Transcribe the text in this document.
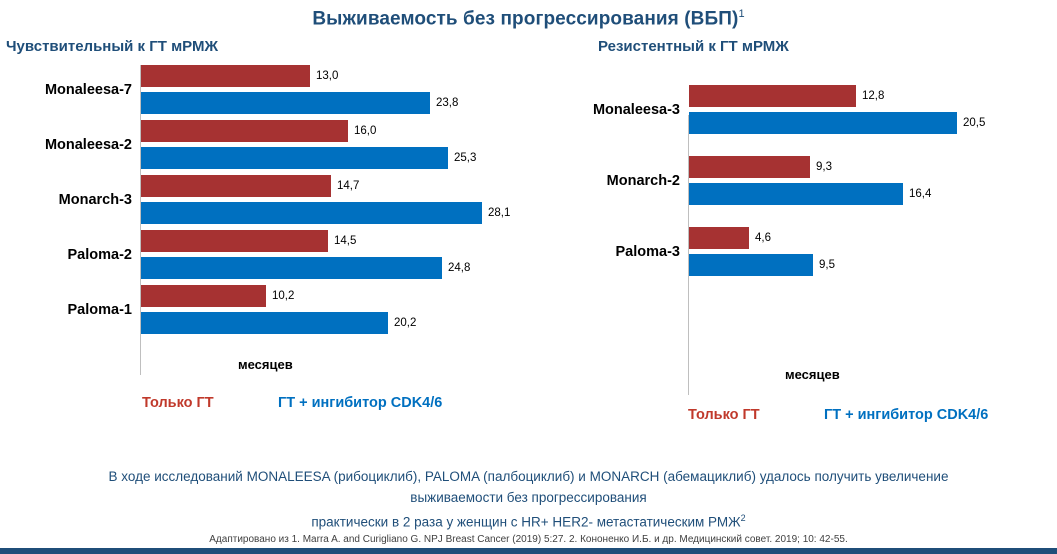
Выживаемость без прогрессирования (ВБП)$^1$
Чувствительный к ГТ мРМЖ
Monaleesa-7
13,0
23,8
Monaleesa-2
16,0
25,3
Monarch-3
14,7
28,1
Paloma-2
14,5
24,8
Paloma-1
10,2
20,2
месяцев
Только ГТ	ГТ + ингибитор CDK4/6
Резистентный к ГТ мРМЖ
Monaleesa-3
12,8
20,5
Monarch-2
9,3
16,4
Paloma-3
4,6
9,5
месяцев
Только ГТ	ГТ + ингибитор CDK4/6
В ходе исследований MONALEESA (рибоциклиб), PALOMA (палбоциклиб) и MONARCH (абемациклиб) удалось получить увеличение
выживаемости без прогрессирования
практически в 2 раза у женщин с HR+ HER2- метастатическим РМЖ$^2$
Адаптировано из 1. Marra A. and Curigliano G. NPJ Breast Cancer (2019) 5:27. 2. Кононенко И.Б. и др. Медицинский совет. 2019; 10: 42-55.
